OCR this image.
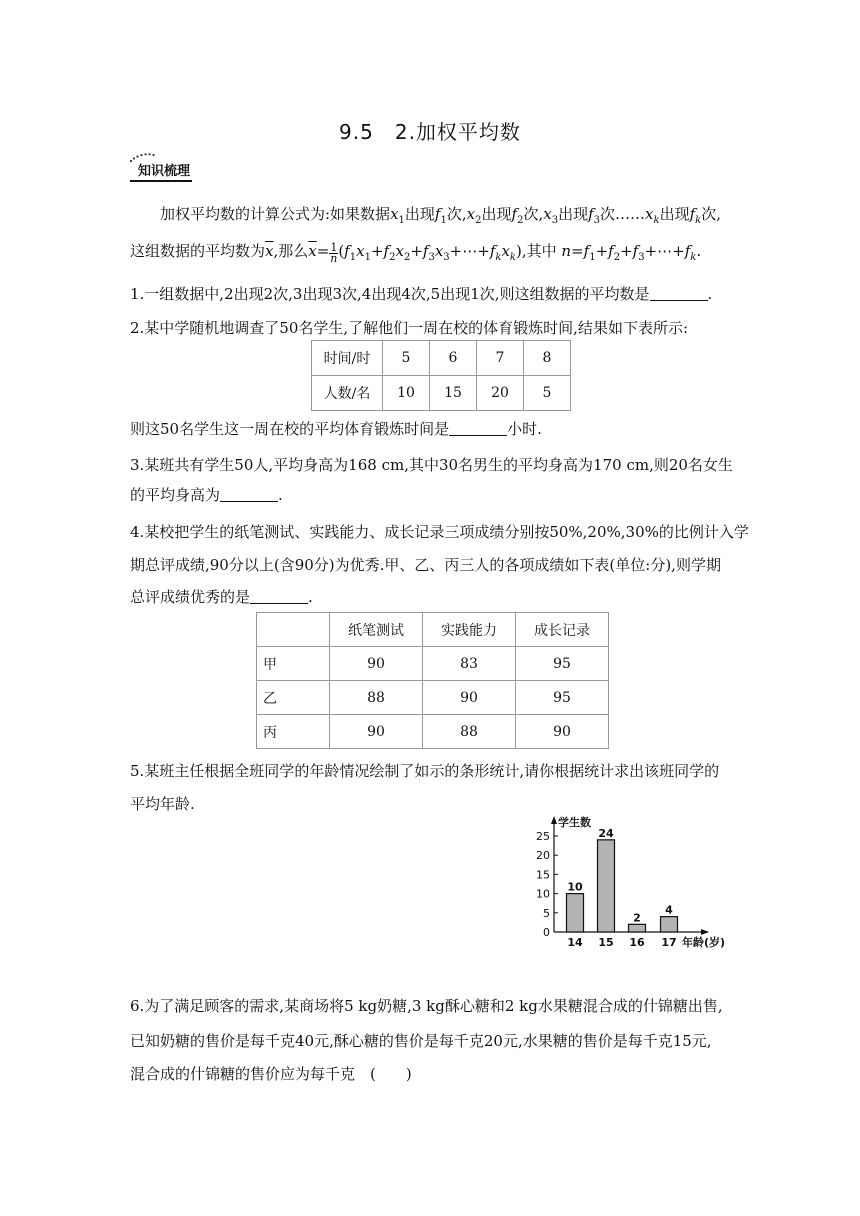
9.5　2.加权平均数
知识梳理
加权平均数的计算公式为:如果数据$x_1$出现$f_1$次$,x_2$出现$f_2$次$,x_3$出现$f_3$次$\dots\dots x_k$出现$f_k$次,
这组数据的平均数为$\overline{x}$,那么$\overline{x}= \frac{1}{n}$ $(f_1x_1+f_2x_2+f_3x_3+\cdots+f_kx_k)$,其中 $n=f_1+f_2+f_3+\cdots+f_k$.
1.一组数据中,2出现2次,3出现3次,4出现4次,5出现1次,则这组数据的平均数是	.
2.某中学随机地调查了50名学生,了解他们一周在校的体育锻炼时间,结果如下表所示:
时间/时	5	6	7	8
人数/名	10	15	20	5
则这50名学生这一周在校的平均体育锻炼时间是	小时.
3.某班共有学生50人,平均身高为168 cm,其中30名男生的平均身高为170 cm,则20名女生
的平均身高为	.
4.某校把学生的纸笔测试、实践能力、成长记录三项成绩分别按50%,20%,30%的比例计入学
期总评成绩,90分以上(含90分)为优秀.甲、乙、丙三人的各项成绩如下表(单位:分),则学期
总评成绩优秀的是	.
	纸笔测试	实践能力	成长记录
甲	90	83	95
乙	88	90	95
丙	90	88	90
5.某班主任根据全班同学的年龄情况绘制了如示的条形统计,请你根据统计求出该班同学的
平均年龄.
0
5
10
15
20
25
学生数
10
14
24
15
2
16
4
17 年龄(岁)
6.为了满足顾客的需求,某商场将5 kg奶糖,3 kg酥心糖和2 kg水果糖混合成的什锦糖出售,
已知奶糖的售价是每千克40元,酥心糖的售价是每千克20元,水果糖的售价是每千克15元,
混合成的什锦糖的售价应为每千克　(　　)
